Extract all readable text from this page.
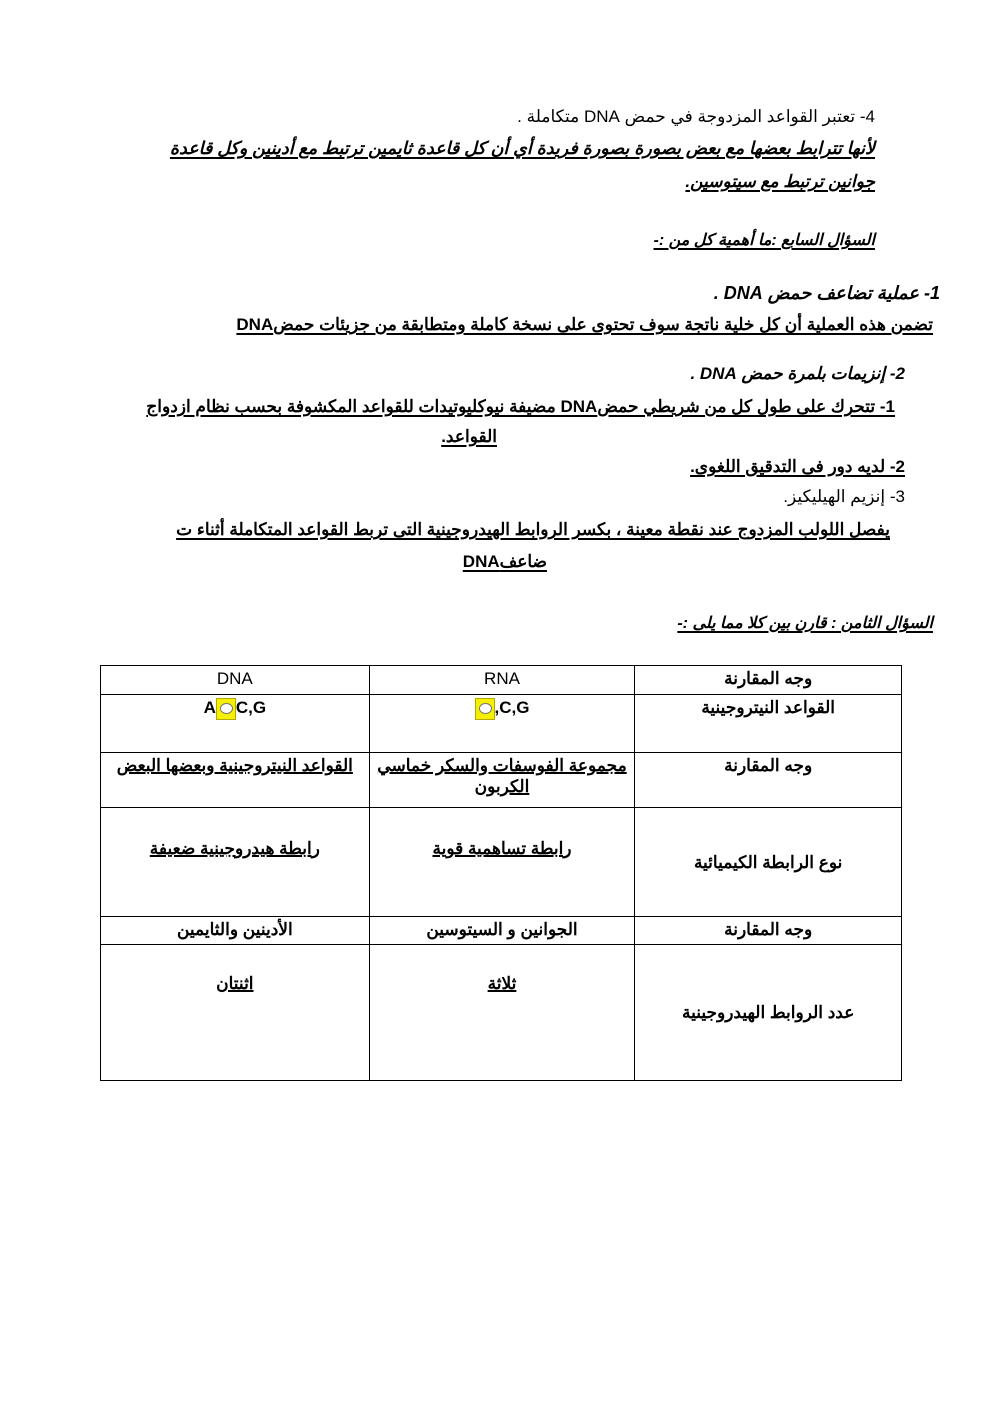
4- تعتبر القواعد المزدوجة في حمض DNA متكاملة .
لأنها تترابط بعضها مع بعض بصورة بصورة فريدة أي أن كل قاعدة ثايمين ترتبط مع أدينين وكل قاعدة
جوانين ترتبط مع سيتوسين.
السؤال السابع :ما أهمية كل من :-
1- عملية تضاعف حمض DNA .
تضمن هذه العملية أن كل خلية ناتجة سوف تحتوى على نسخة كاملة ومتطابقة من جزيئات حمضDNA
2- إنزيمات بلمرة حمض DNA .
1- تتحرك على طول كل من شريطي حمضDNA مضيفة نيوكليوتيدات للقواعد المكشوفة بحسب نظام ازدواج
القواعد.
2- لديه دور فى التدقيق اللغوى.
3- إنزيم الهيليكيز.
يفصل اللولب المزدوج عند نقطة معينة ، بكسر الروابط الهيدروجينية التى تربط القواعد المتكاملة أثناء ت
ضاعفDNA
السؤال الثامن : قارن بين كلا مما يلى :-
وجه المقارنة	RNA	DNA
القواعد النيتروجينية	,C,G	A C,G
وجه المقارنة	مجموعة الفوسفات والسكر خماسي الكربون	القواعد النيتروجينية وبعضها البعض
نوع الرابطة الكيميائية	رابطة تساهمية قوية	رابطة هيدروجينية ضعيفة
وجه المقارنة	الجوانين و السيتوسين	الأدينين والثايمين
عدد الروابط الهيدروجينية	ثلاثة	اثنتان
